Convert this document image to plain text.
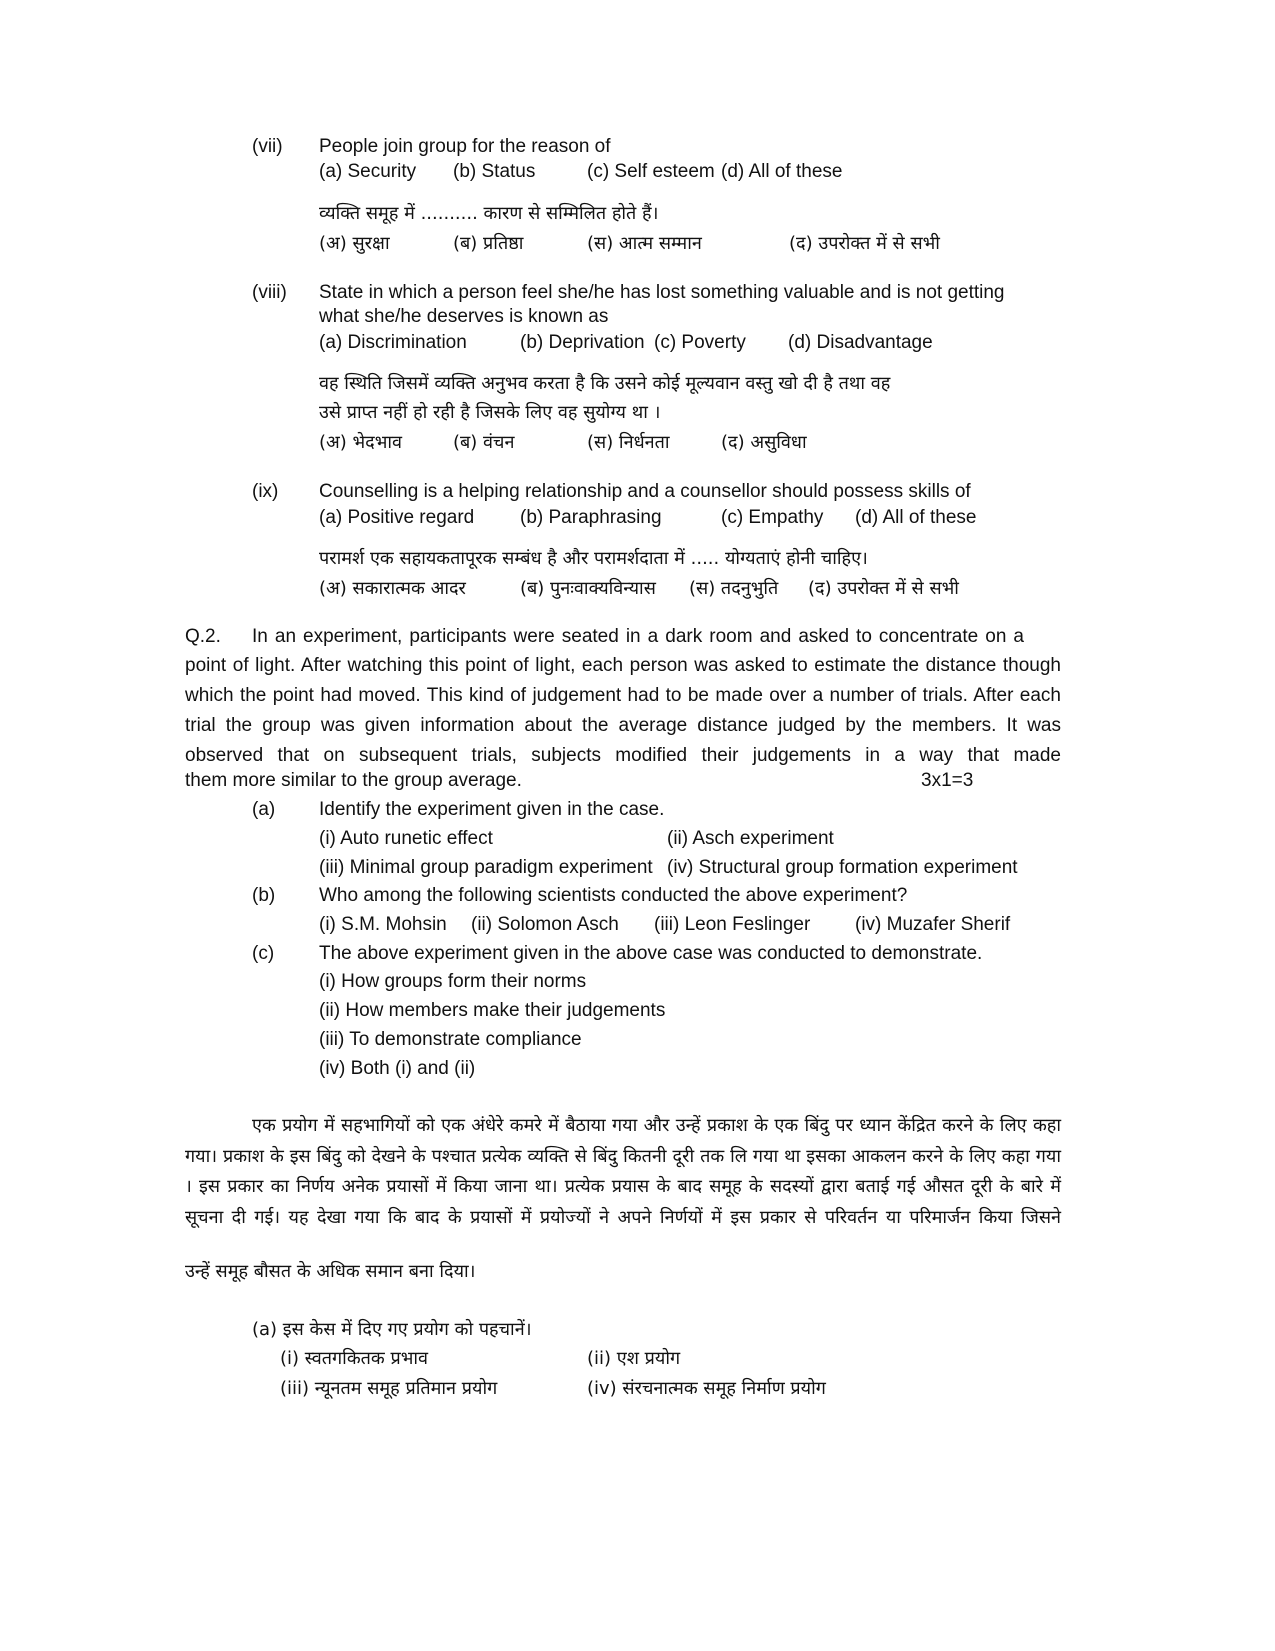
(vii) People join group for the reason of
(a) Security (b) Status	(c) Self esteem (d) All of these
व्यक्ति समूह में .......... कारण से सम्मिलित होते हैं।
(अ) सुरक्षा	(ब) प्रतिष्ठा	(स) आत्म सम्मान	(द) उपरोक्त में से सभी
(viii) State in which a person feel she/he has lost something valuable and is not getting
what she/he deserves is known as
(a) Discrimination	(b) Deprivation (c) Poverty (d) Disadvantage
वह स्थिति जिसमें व्यक्ति अनुभव करता है कि उसने कोई मूल्यवान वस्तु खो दी है तथा वह
उसे प्राप्त नहीं हो रही है जिसके लिए वह सुयोग्य था ।
(अ) भेदभाव	(ब) वंचन	(स) निर्धनता	(द) असुविधा
(ix) Counselling is a helping relationship and a counsellor should possess skills of
(a) Positive regard (b) Paraphrasing	(c) Empathy (d) All of these
परामर्श एक सहायकतापूरक सम्बंध है और परामर्शदाता में ..... योग्यताएं होनी चाहिए।
(अ) सकारात्मक आदर	(ब) पुनःवाक्यविन्यास (स) तदनुभुति (द) उपरोक्त में से सभी
Q.2. In an experiment, participants were seated in a dark room and asked to concentrate on a
point of light. After watching this point of light, each person was asked to estimate the distance though which the point had moved. This kind of judgement had to be made over a number of trials. After each trial the group was given information about the average distance judged by the members. It was observed that on subsequent trials, subjects modified their judgements in a way that made
them more similar to the group average.	3x1=3
(a) Identify the experiment given in the case.
(i) Auto runetic effect	(ii) Asch experiment
(iii) Minimal group paradigm experiment (iv) Structural group formation experiment
(b) Who among the following scientists conducted the above experiment?
(i) S.M. Mohsin (ii) Solomon Asch (iii) Leon Feslinger (iv) Muzafer Sherif
(c) The above experiment given in the above case was conducted to demonstrate.
(i) How groups form their norms
(ii) How members make their judgements
(iii) To demonstrate compliance
(iv) Both (i) and (ii)
एक प्रयोग में सहभागियों को एक अंधेरे कमरे में बैठाया गया और उन्हें प्रकाश के एक बिंदु पर ध्यान केंद्रित करने के लिए कहा गया। प्रकाश के इस बिंदु को देखने के पश्चात प्रत्येक व्यक्ति से बिंदु कितनी दूरी तक लि गया था इसका आकलन करने के लिए कहा गया । इस प्रकार का निर्णय अनेक प्रयासों में किया जाना था। प्रत्येक प्रयास के बाद समूह के सदस्यों द्वारा बताई गई औसत दूरी के बारे में सूचना दी गई। यह देखा गया कि बाद के प्रयासों में प्रयोज्यों ने अपने निर्णयों में इस प्रकार से परिवर्तन या परिमार्जन किया जिसने
उन्हें समूह बौसत के अधिक समान बना दिया।
(a) इस केस में दिए गए प्रयोग को पहचानें।
(i) स्वतगकितक प्रभाव	(ii) एश प्रयोग
(iii) न्यूनतम समूह प्रतिमान प्रयोग	(iv) संरचनात्मक समूह निर्माण प्रयोग
